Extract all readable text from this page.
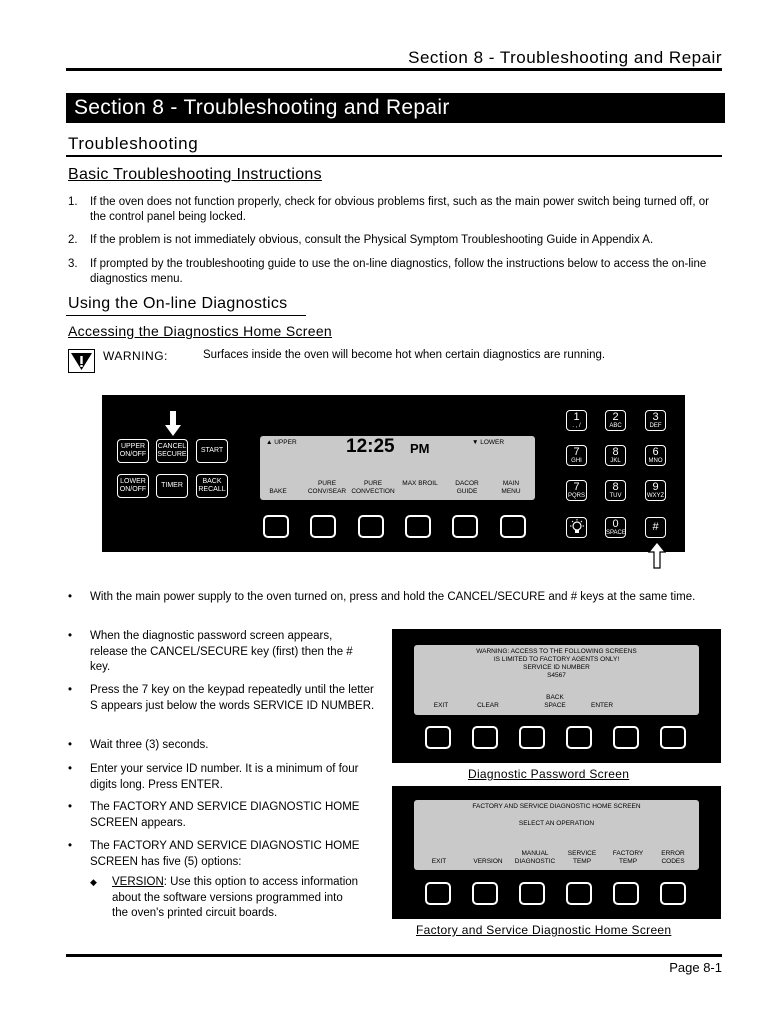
Section 8 - Troubleshooting and Repair
Section 8 - Troubleshooting and Repair
Troubleshooting
Basic Troubleshooting Instructions
1. If the oven does not function properly, check for obvious problems first, such as the main power switch being turned off, or the control panel being locked.
2. If the problem is not immediately obvious, consult the Physical Symptom Troubleshooting Guide in Appendix A.
3. If prompted by the troubleshooting guide to use the on-line diagnostics, follow the instructions below to access the on-line diagnostics menu.
Using the On-line Diagnostics
Accessing the Diagnostics Home Screen
WARNING:	Surfaces inside the oven will become hot when certain diagnostics are running.
UPPER ON/OFF
CANCEL SECURE
START
LOWER ON/OFF
TIMER
BACK RECALL
▲ UPPER	▼ LOWER
12:25 PM
BAKE
PURE CONV/SEAR
PURE CONVECTION
MAX BROIL	DACOR GUIDE
MAIN MENU
1
. , /
2
ABC
3
DEF
7
GHI
8
JKL
6
MNO
7
PQRS
8
TUV
9
WXYZ
0
SPACE	#
• With the main power supply to the oven turned on, press and hold the CANCEL/SECURE and # keys at the same time.
• When the diagnostic password screen appears, release the CANCEL/SECURE key (first) then the # key.
• Press the 7 key on the keypad repeatedly until the letter S appears just below the words SERVICE ID NUMBER.
• Wait three (3) seconds.
• Enter your service ID number. It is a minimum of four digits long. Press ENTER.
• The FACTORY AND SERVICE DIAGNOSTIC HOME SCREEN appears.
• The FACTORY AND SERVICE DIAGNOSTIC HOME SCREEN has five (5) options:
◆ VERSION: Use this option to access information about the software versions programmed into the oven's printed circuit boards.
WARNING: ACCESS TO THE FOLLOWING SCREENS
IS LIMITED TO FACTORY AGENTS ONLY!
SERVICE ID NUMBER
S4567
EXIT	CLEAR
BACK SPACE	ENTER
Diagnostic Password Screen
FACTORY AND SERVICE DIAGNOSTIC HOME SCREEN
SELECT AN OPERATION
EXIT	VERSION
MANUAL DIAGNOSTIC
SERVICE TEMP
FACTORY TEMP
ERROR CODES
Factory and Service Diagnostic Home Screen
Page 8-1
